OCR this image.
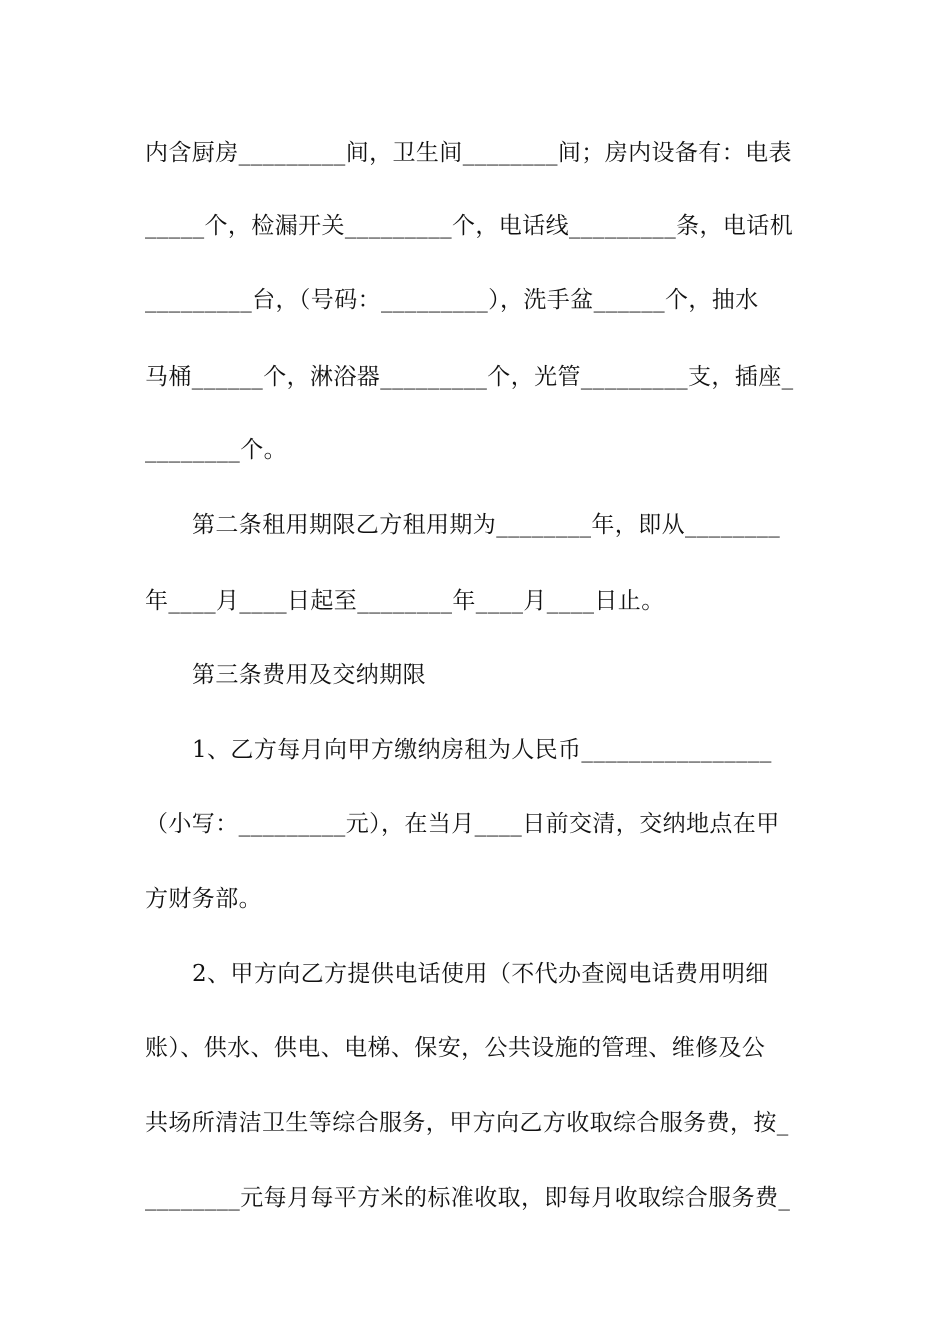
内含厨房_________间，卫生间________间；房内设备有：电表
_____个，检漏开关_________个，电话线_________条，电话机
_________台，（号码：_________），洗手盆______个，抽水
马桶______个，淋浴器_________个，光管_________支，插座_
________个。
第二条租用期限乙方租用期为________年，即从________
年____月____日起至________年____月____日止。
第三条费用及交纳期限
1、乙方每月向甲方缴纳房租为人民币________________
（小写：_________元），在当月____日前交清，交纳地点在甲
方财务部。
2、甲方向乙方提供电话使用（不代办查阅电话费用明细
账）、供水、供电、电梯、保安，公共设施的管理、维修及公
共场所清洁卫生等综合服务，甲方向乙方收取综合服务费，按_
________元每月每平方米的标准收取，即每月收取综合服务费_
